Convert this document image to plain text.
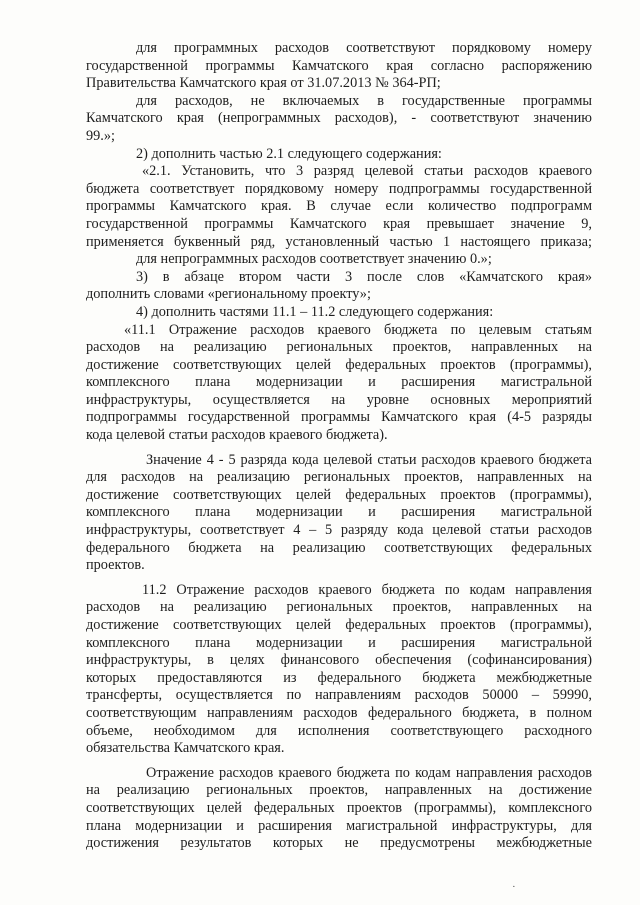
для программных расходов соответствуют порядковому номеру
государственной программы Камчатского края согласно распоряжению
Правительства Камчатского края от 31.07.2013 № 364-РП;
для расходов, не включаемых в государственные программы
Камчатского края (непрограммных расходов), - соответствуют значению
99.»;
2) дополнить частью 2.1 следующего содержания:
«2.1. Установить, что 3 разряд целевой статьи расходов краевого
бюджета соответствует порядковому номеру подпрограммы государственной
программы Камчатского края. В случае если количество подпрограмм
государственной программы Камчатского края превышает значение 9,
применяется буквенный ряд, установленный частью 1 настоящего приказа;
для непрограммных расходов соответствует значению 0.»;
3) в абзаце втором части 3 после слов «Камчатского края»
дополнить словами «региональному проекту»;
4) дополнить частями 11.1 – 11.2 следующего содержания:
«11.1 Отражение расходов краевого бюджета по целевым статьям
расходов на реализацию региональных проектов, направленных на
достижение соответствующих целей федеральных проектов (программы),
комплексного плана модернизации и расширения магистральной
инфраструктуры, осуществляется на уровне основных мероприятий
подпрограммы государственной программы Камчатского края (4-5 разряды
кода целевой статьи расходов краевого бюджета).
Значение 4 - 5 разряда кода целевой статьи расходов краевого бюджета
для расходов на реализацию региональных проектов, направленных на
достижение соответствующих целей федеральных проектов (программы),
комплексного плана модернизации и расширения магистральной
инфраструктуры, соответствует 4 – 5 разряду кода целевой статьи расходов
федерального бюджета на реализацию соответствующих федеральных
проектов.
11.2 Отражение расходов краевого бюджета по кодам направления
расходов на реализацию региональных проектов, направленных на
достижение соответствующих целей федеральных проектов (программы),
комплексного плана модернизации и расширения магистральной
инфраструктуры, в целях финансового обеспечения (софинансирования)
которых предоставляются из федерального бюджета межбюджетные
трансферты, осуществляется по направлениям расходов 50000 – 59990,
соответствующим направлениям расходов федерального бюджета, в полном
объеме, необходимом для исполнения соответствующего расходного
обязательства Камчатского края.
Отражение расходов краевого бюджета по кодам направления расходов
на реализацию региональных проектов, направленных на достижение
соответствующих целей федеральных проектов (программы), комплексного
плана модернизации и расширения магистральной инфраструктуры, для
достижения результатов которых не предусмотрены межбюджетные
·
